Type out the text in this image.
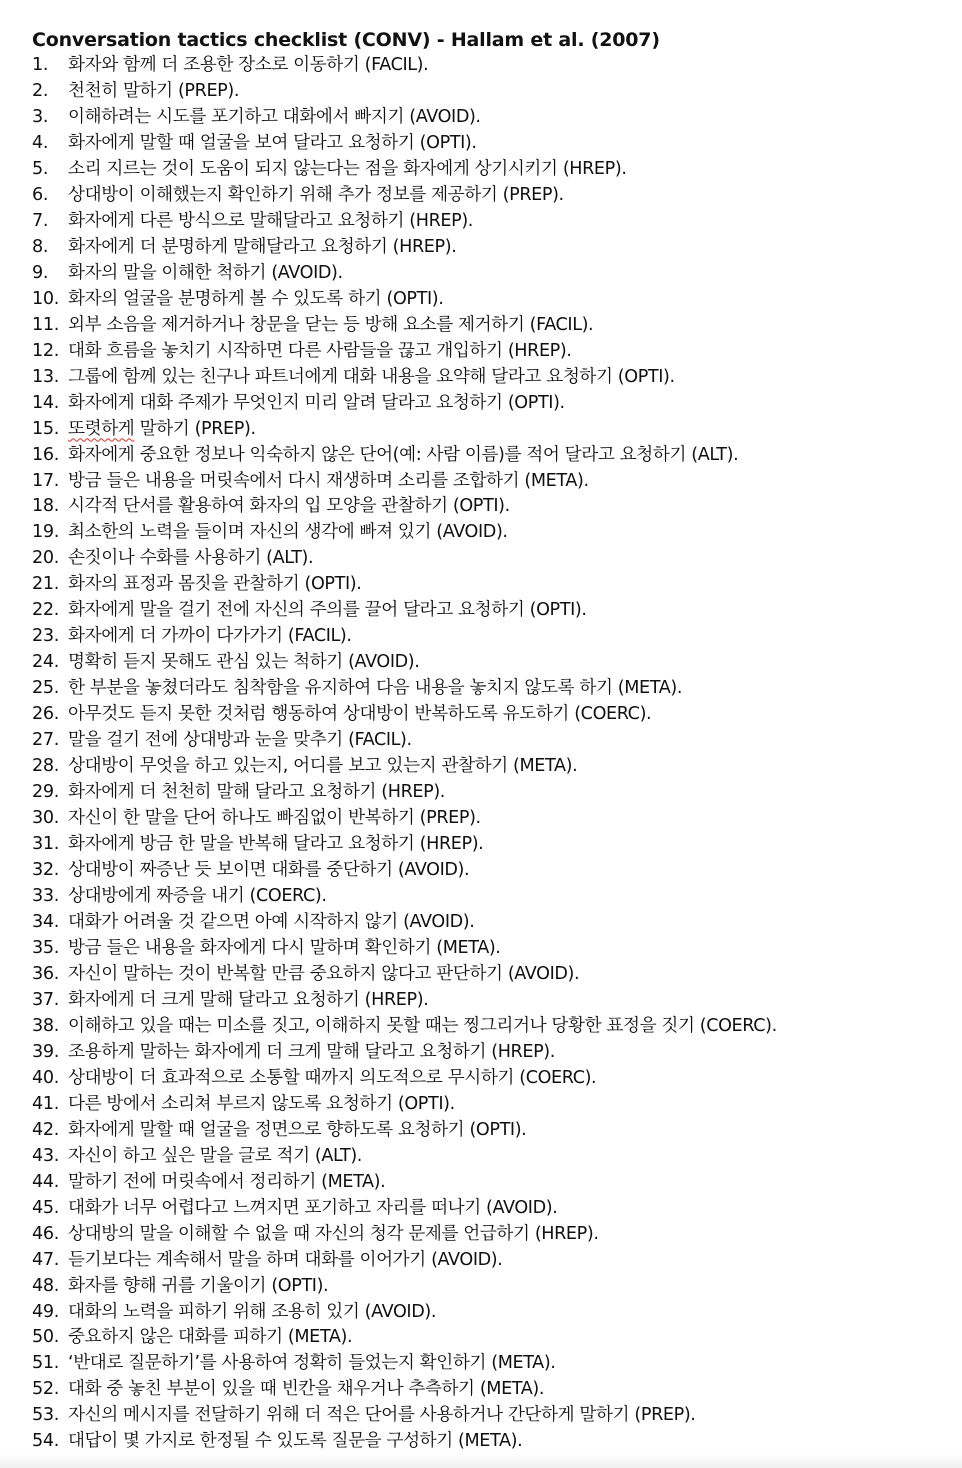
Conversation tactics checklist (CONV) - Hallam et al. (2007)
1.	화자와 함께 더 조용한 장소로 이동하기 (FACIL).
2.	천천히 말하기 (PREP).
3.	이해하려는 시도를 포기하고 대화에서 빠지기 (AVOID).
4.	화자에게 말할 때 얼굴을 보여 달라고 요청하기 (OPTI).
5.	소리 지르는 것이 도움이 되지 않는다는 점을 화자에게 상기시키기 (HREP).
6.	상대방이 이해했는지 확인하기 위해 추가 정보를 제공하기 (PREP).
7.	화자에게 다른 방식으로 말해달라고 요청하기 (HREP).
8.	화자에게 더 분명하게 말해달라고 요청하기 (HREP).
9.	화자의 말을 이해한 척하기 (AVOID).
10. 화자의 얼굴을 분명하게 볼 수 있도록 하기 (OPTI).
11. 외부 소음을 제거하거나 창문을 닫는 등 방해 요소를 제거하기 (FACIL).
12. 대화 흐름을 놓치기 시작하면 다른 사람들을 끊고 개입하기 (HREP).
13. 그룹에 함께 있는 친구나 파트너에게 대화 내용을 요약해 달라고 요청하기 (OPTI).
14. 화자에게 대화 주제가 무엇인지 미리 알려 달라고 요청하기 (OPTI).
15. 또렷하게 말하기 (PREP).
16. 화자에게 중요한 정보나 익숙하지 않은 단어(예: 사람 이름)를 적어 달라고 요청하기 (ALT).
17. 방금 들은 내용을 머릿속에서 다시 재생하며 소리를 조합하기 (META).
18. 시각적 단서를 활용하여 화자의 입 모양을 관찰하기 (OPTI).
19. 최소한의 노력을 들이며 자신의 생각에 빠져 있기 (AVOID).
20. 손짓이나 수화를 사용하기 (ALT).
21. 화자의 표정과 몸짓을 관찰하기 (OPTI).
22. 화자에게 말을 걸기 전에 자신의 주의를 끌어 달라고 요청하기 (OPTI).
23. 화자에게 더 가까이 다가가기 (FACIL).
24. 명확히 듣지 못해도 관심 있는 척하기 (AVOID).
25. 한 부분을 놓쳤더라도 침착함을 유지하여 다음 내용을 놓치지 않도록 하기 (META).
26. 아무것도 듣지 못한 것처럼 행동하여 상대방이 반복하도록 유도하기 (COERC).
27. 말을 걸기 전에 상대방과 눈을 맞추기 (FACIL).
28. 상대방이 무엇을 하고 있는지, 어디를 보고 있는지 관찰하기 (META).
29. 화자에게 더 천천히 말해 달라고 요청하기 (HREP).
30. 자신이 한 말을 단어 하나도 빠짐없이 반복하기 (PREP).
31. 화자에게 방금 한 말을 반복해 달라고 요청하기 (HREP).
32. 상대방이 짜증난 듯 보이면 대화를 중단하기 (AVOID).
33. 상대방에게 짜증을 내기 (COERC).
34. 대화가 어려울 것 같으면 아예 시작하지 않기 (AVOID).
35. 방금 들은 내용을 화자에게 다시 말하며 확인하기 (META).
36. 자신이 말하는 것이 반복할 만큼 중요하지 않다고 판단하기 (AVOID).
37. 화자에게 더 크게 말해 달라고 요청하기 (HREP).
38. 이해하고 있을 때는 미소를 짓고, 이해하지 못할 때는 찡그리거나 당황한 표정을 짓기 (COERC).
39. 조용하게 말하는 화자에게 더 크게 말해 달라고 요청하기 (HREP).
40. 상대방이 더 효과적으로 소통할 때까지 의도적으로 무시하기 (COERC).
41. 다른 방에서 소리쳐 부르지 않도록 요청하기 (OPTI).
42. 화자에게 말할 때 얼굴을 정면으로 향하도록 요청하기 (OPTI).
43. 자신이 하고 싶은 말을 글로 적기 (ALT).
44. 말하기 전에 머릿속에서 정리하기 (META).
45. 대화가 너무 어렵다고 느껴지면 포기하고 자리를 떠나기 (AVOID).
46. 상대방의 말을 이해할 수 없을 때 자신의 청각 문제를 언급하기 (HREP).
47. 듣기보다는 계속해서 말을 하며 대화를 이어가기 (AVOID).
48. 화자를 향해 귀를 기울이기 (OPTI).
49. 대화의 노력을 피하기 위해 조용히 있기 (AVOID).
50. 중요하지 않은 대화를 피하기 (META).
51. ‘반대로 질문하기’를 사용하여 정확히 들었는지 확인하기 (META).
52. 대화 중 놓친 부분이 있을 때 빈칸을 채우거나 추측하기 (META).
53. 자신의 메시지를 전달하기 위해 더 적은 단어를 사용하거나 간단하게 말하기 (PREP).
54. 대답이 몇 가지로 한정될 수 있도록 질문을 구성하기 (META).
